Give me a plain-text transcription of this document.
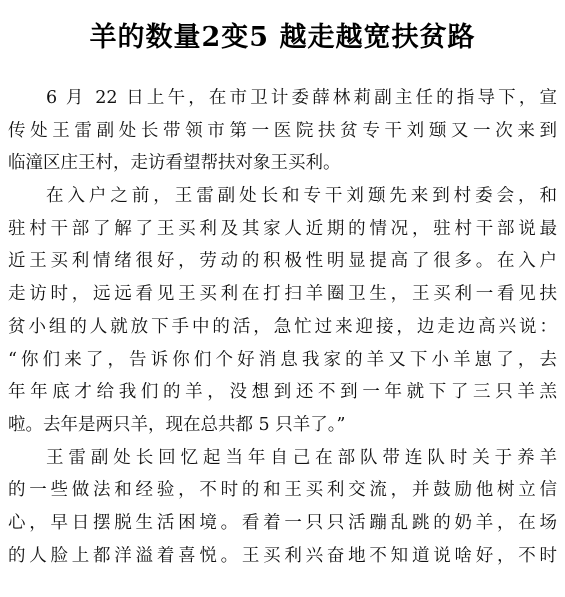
羊的数量2变5 越走越宽扶贫路
6 月 22 日上午，在市卫计委薛林莉副主任的指导下，宣
传处王雷副处长带领市第一医院扶贫专干刘颋又一次来到
临潼区庄王村，走访看望帮扶对象王买利。
在入户之前，王雷副处长和专干刘颋先来到村委会，和
驻村干部了解了王买利及其家人近期的情况，驻村干部说最
近王买利情绪很好，劳动的积极性明显提高了很多。在入户
走访时，远远看见王买利在打扫羊圈卫生，王买利一看见扶
贫小组的人就放下手中的活，急忙过来迎接，边走边高兴说：
“你们来了，告诉你们个好消息我家的羊又下小羊崽了，去
年年底才给我们的羊，没想到还不到一年就下了三只羊羔
啦。去年是两只羊，现在总共都 5 只羊了。”
王雷副处长回忆起当年自己在部队带连队时关于养羊
的一些做法和经验，不时的和王买利交流，并鼓励他树立信
心，早日摆脱生活困境。看着一只只活蹦乱跳的奶羊，在场
的人脸上都洋溢着喜悦。王买利兴奋地不知道说啥好，不时
